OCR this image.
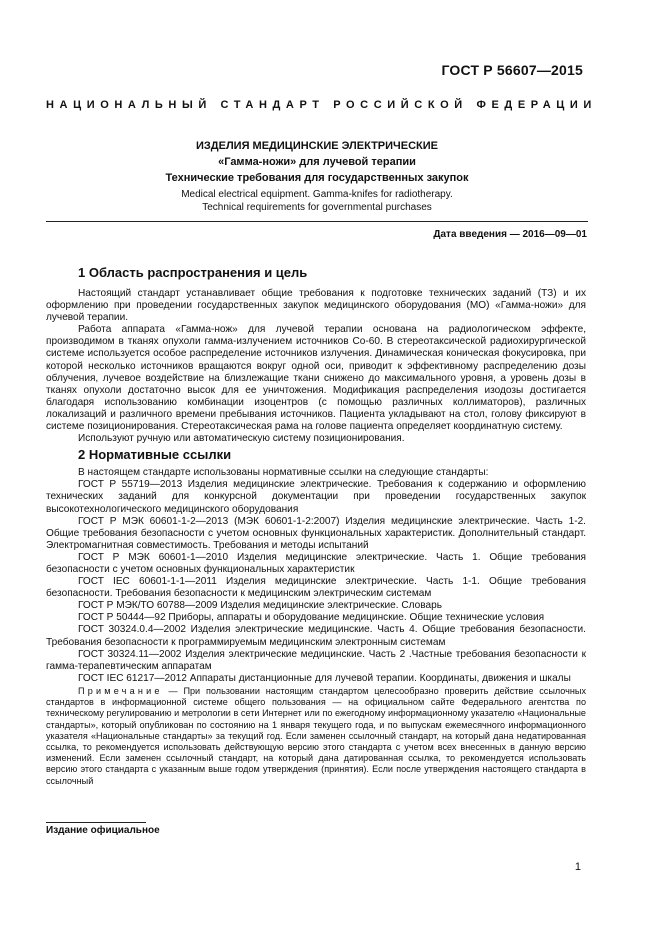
ГОСТ Р 56607—2015
НАЦИОНАЛЬНЫЙ СТАНДАРТ РОССИЙСКОЙ ФЕДЕРАЦИИ
ИЗДЕЛИЯ МЕДИЦИНСКИЕ ЭЛЕКТРИЧЕСКИЕ
«Гамма-ножи» для лучевой терапии
Технические требования для государственных закупок
Medical electrical equipment. Gamma-knifes for radiotherapy.
Technical requirements for governmental purchases
Дата введения — 2016—09—01
1 Область распространения и цель

Настоящий стандарт устанавливает общие требования к подготовке технических заданий (ТЗ) и их оформлению при проведении государственных закупок медицинского оборудования (МО) «Гамма-ножи» для лучевой терапии.

Работа аппарата «Гамма-нож» для лучевой терапии основана на радиологическом эффекте, производимом в тканях опухоли гамма-излучением источников Со-60. В стереотаксической радиохирургической системе используется особое распределение источников излучения. Динамическая коническая фокусировка, при которой несколько источников вращаются вокруг одной оси, приводит к эффективному распределению дозы облучения, лучевое воздействие на близлежащие ткани снижено до максимального уровня, а уровень дозы в тканях опухоли достаточно высок для ее уничтожения. Модификация распределения изодозы достигается благодаря использованию комбинации изоцентров (с помощью различных коллиматоров), различных локализаций и различного времени пребывания источников. Пациента укладывают на стол, голову фиксируют в системе позиционирования. Стереотаксическая рама на голове пациента определяет координатную систему.

Используют ручную или автоматическую систему позиционирования.

2 Нормативные ссылки

В настоящем стандарте использованы нормативные ссылки на следующие стандарты:

ГОСТ Р 55719—2013 Изделия медицинские электрические. Требования к содержанию и оформлению технических заданий для конкурсной документации при проведении государственных закупок высокотехнологического медицинского оборудования

ГОСТ Р МЭК 60601-1-2—2013 (МЭК 60601-1-2:2007) Изделия медицинские электрические. Часть 1-2. Общие требования безопасности с учетом основных функциональных характеристик. Дополнительный стандарт. Электромагнитная совместимость. Требования и методы испытаний

ГОСТ Р МЭК 60601-1—2010 Изделия медицинские электрические. Часть 1. Общие требования безопасности с учетом основных функциональных характеристик

ГОСТ IEC 60601-1-1—2011 Изделия медицинские электрические. Часть 1-1. Общие требования безопасности. Требования безопасности к медицинским электрическим системам

ГОСТ Р МЭК/ТО 60788—2009 Изделия медицинские электрические. Словарь

ГОСТ Р 50444—92 Приборы, аппараты и оборудование медицинские. Общие технические условия

ГОСТ 30324.0.4—2002 Изделия электрические медицинские. Часть 4. Общие требования безопасности. Требования безопасности к программируемым медицинским электронным системам

ГОСТ 30324.11—2002 Изделия электрические медицинские. Часть 2 .Частные требования безопасности к гамма-терапевтическим аппаратам

ГОСТ IEC 61217—2012 Аппараты дистанционные для лучевой терапии. Координаты, движения и шкалы

Примечание — При пользовании настоящим стандартом целесообразно проверить действие ссылочных стандартов в информационной системе общего пользования — на официальном сайте Федерального агентства по техническому регулированию и метрологии в сети Интернет или по ежегодному информационному указателю «Национальные стандарты», который опубликован по состоянию на 1 января текущего года, и по выпускам ежемесячного информационного указателя «Национальные стандарты» за текущий год. Если заменен ссылочный стандарт, на который дана недатированная ссылка, то рекомендуется использовать действующую версию этого стандарта с учетом всех внесенных в данную версию изменений. Если заменен ссылочный стандарт, на который дана датированная ссылка, то рекомендуется использовать версию этого стандарта с указанным выше годом утверждения (принятия). Если после утверждения настоящего стандарта в ссылочный
Издание официальное
1
